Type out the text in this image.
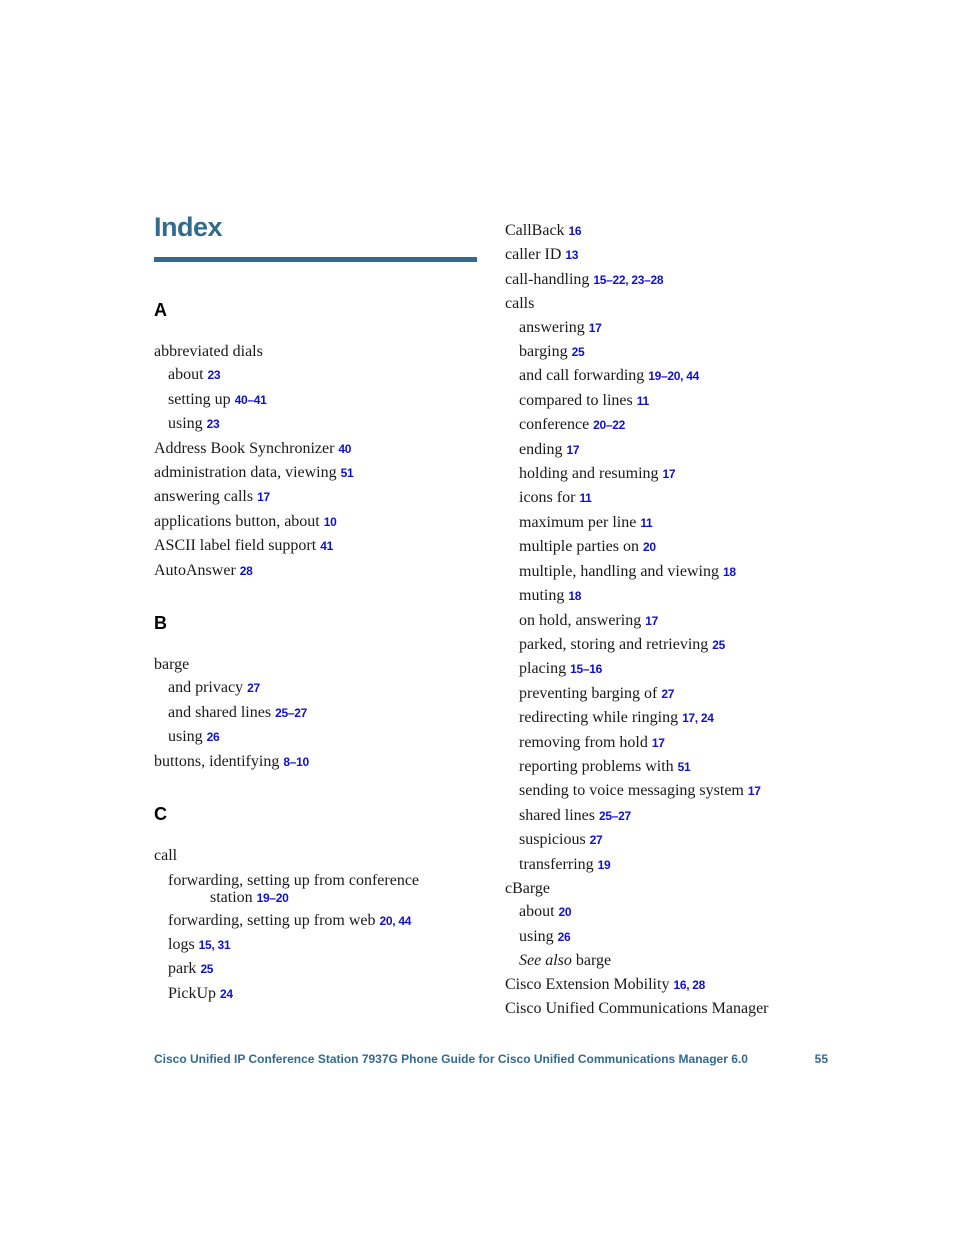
Index
A
abbreviated dials
about 23
setting up 40–41
using 23
Address Book Synchronizer 40
administration data, viewing 51
answering calls 17
applications button, about 10
ASCII label field support 41
AutoAnswer 28
B
barge
and privacy 27
and shared lines 25–27
using 26
buttons, identifying 8–10
C
call
forwarding, setting up from conference
station 19–20
forwarding, setting up from web 20, 44
logs 15, 31
park 25
PickUp 24
CallBack 16
caller ID 13
call-handling 15–22, 23–28
calls
answering 17
barging 25
and call forwarding 19–20, 44
compared to lines 11
conference 20–22
ending 17
holding and resuming 17
icons for 11
maximum per line 11
multiple parties on 20
multiple, handling and viewing 18
muting 18
on hold, answering 17
parked, storing and retrieving 25
placing 15–16
preventing barging of 27
redirecting while ringing 17, 24
removing from hold 17
reporting problems with 51
sending to voice messaging system 17
shared lines 25–27
suspicious 27
transferring 19
cBarge
about 20
using 26
See also barge
Cisco Extension Mobility 16, 28
Cisco Unified Communications Manager
Cisco Unified IP Conference Station 7937G Phone Guide for Cisco Unified Communications Manager 6.0	55
